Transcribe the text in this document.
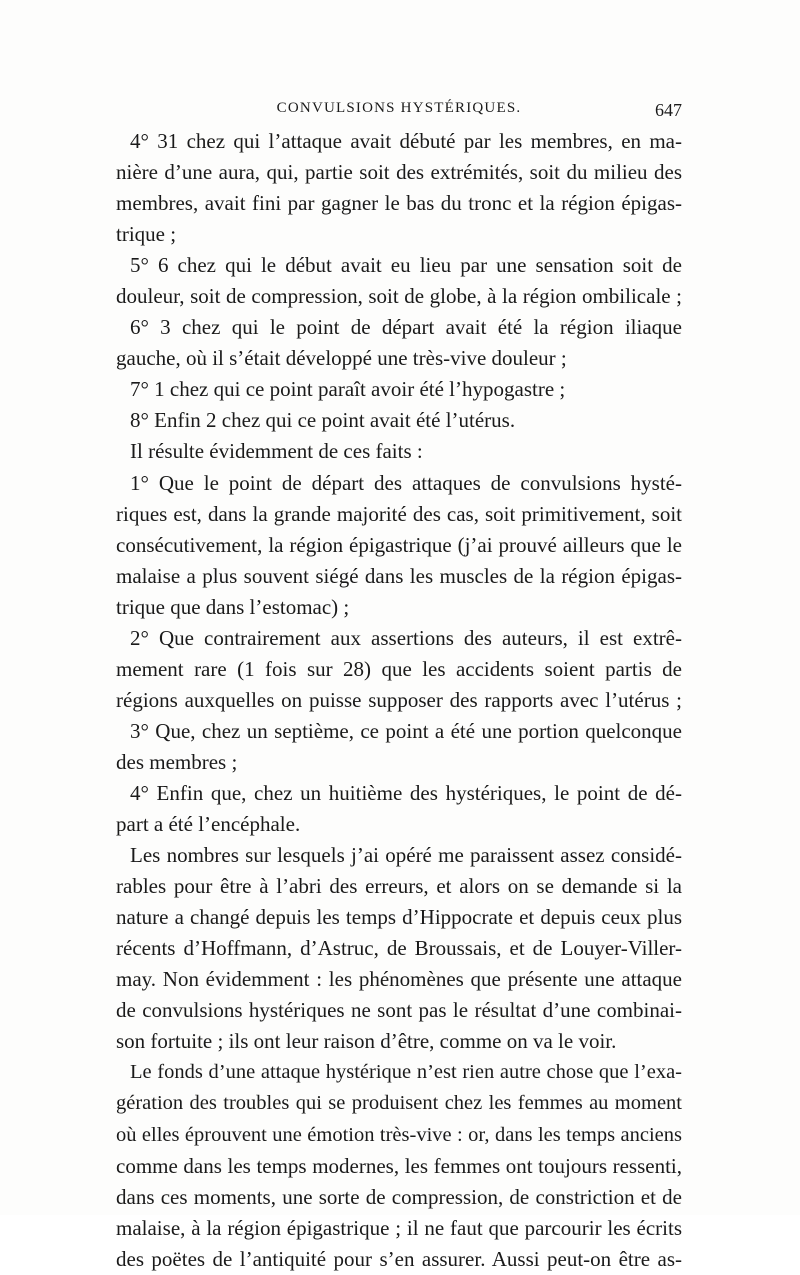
CONVULSIONS HYSTÉRIQUES.	647
4° 31 chez qui l’attaque avait débuté par les membres, en ma-
nière d’une aura, qui, partie soit des extrémités, soit du milieu des
membres, avait fini par gagner le bas du tronc et la région épigas-
trique ;
5° 6 chez qui le début avait eu lieu par une sensation soit de
douleur, soit de compression, soit de globe, à la région ombilicale ;
6° 3 chez qui le point de départ avait été la région iliaque
gauche, où il s’était développé une très-vive douleur ;
7° 1 chez qui ce point paraît avoir été l’hypogastre ;
8° Enfin 2 chez qui ce point avait été l’utérus.
Il résulte évidemment de ces faits :
1° Que le point de départ des attaques de convulsions hysté-
riques est, dans la grande majorité des cas, soit primitivement, soit
consécutivement, la région épigastrique (j’ai prouvé ailleurs que le
malaise a plus souvent siégé dans les muscles de la région épigas-
trique que dans l’estomac) ;
2° Que contrairement aux assertions des auteurs, il est extrê-
mement rare (1 fois sur 28) que les accidents soient partis de
régions auxquelles on puisse supposer des rapports avec l’utérus ;
3° Que, chez un septième, ce point a été une portion quelconque
des membres ;
4° Enfin que, chez un huitième des hystériques, le point de dé-
part a été l’encéphale.
Les nombres sur lesquels j’ai opéré me paraissent assez considé-
rables pour être à l’abri des erreurs, et alors on se demande si la
nature a changé depuis les temps d’Hippocrate et depuis ceux plus
récents d’Hoffmann, d’Astruc, de Broussais, et de Louyer-Viller-
may. Non évidemment : les phénomènes que présente une attaque
de convulsions hystériques ne sont pas le résultat d’une combinai-
son fortuite ; ils ont leur raison d’être, comme on va le voir.
Le fonds d’une attaque hystérique n’est rien autre chose que l’exa-
gération des troubles qui se produisent chez les femmes au moment
où elles éprouvent une émotion très-vive : or, dans les temps anciens
comme dans les temps modernes, les femmes ont toujours ressenti,
dans ces moments, une sorte de compression, de constriction et de
malaise, à la région épigastrique ; il ne faut que parcourir les écrits
des poëtes de l’antiquité pour s’en assurer. Aussi peut-on être as-
